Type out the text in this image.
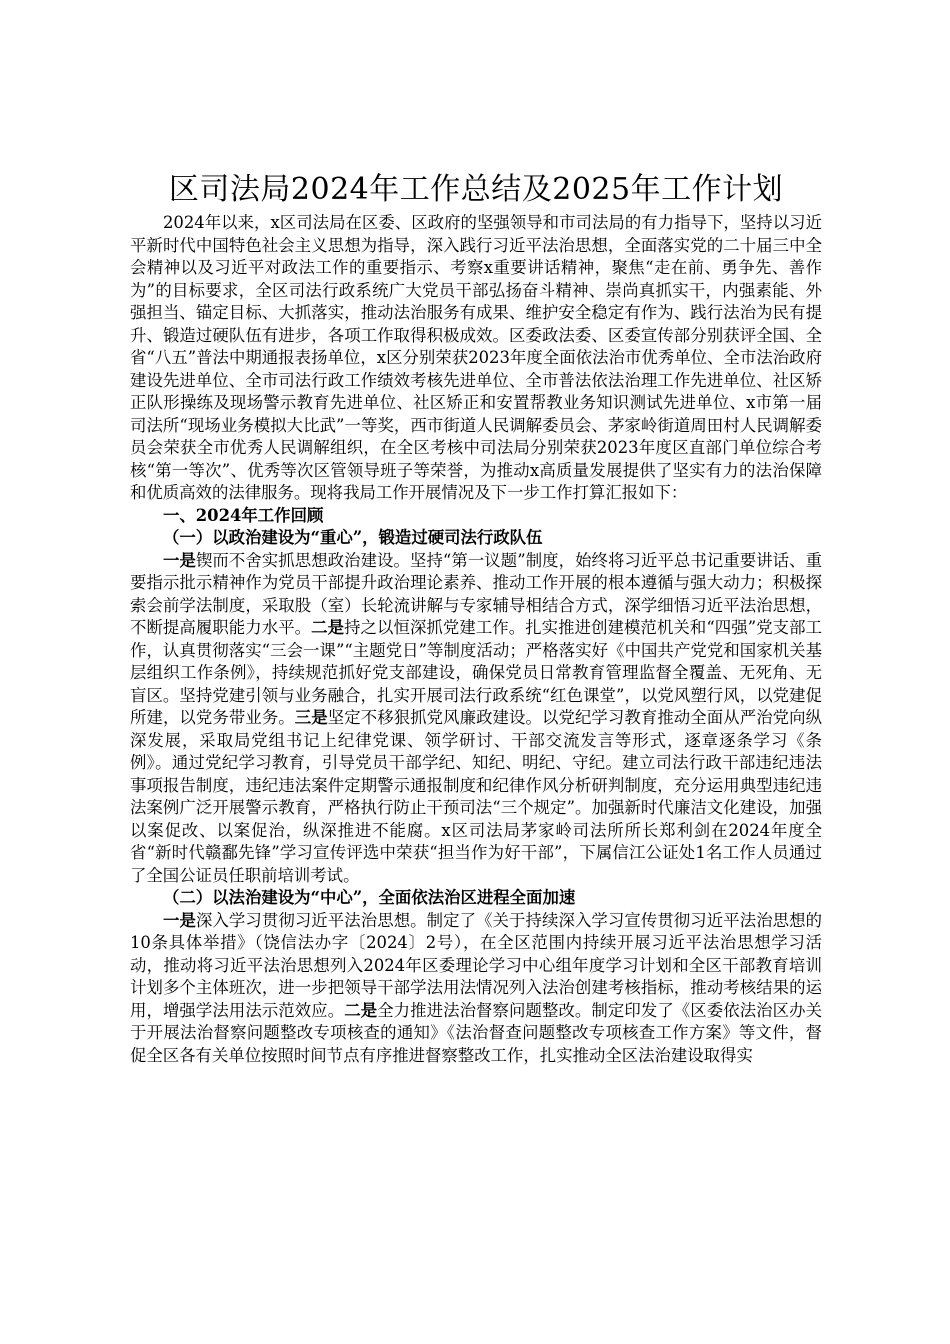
区司法局2024年工作总结及2025年工作计划

2024年以来，x区司法局在区委、区政府的坚强领导和市司法局的有力指导下，坚持以习近平新时代中国特色社会主义思想为指导，深入践行习近平法治思想，全面落实党的二十届三中全会精神以及习近平对政法工作的重要指示、考察x重要讲话精神，聚焦“走在前、勇争先、善作为”的目标要求，全区司法行政系统广大党员干部弘扬奋斗精神、崇尚真抓实干，内强素能、外强担当、锚定目标、大抓落实，推动法治服务有成果、维护安全稳定有作为、践行法治为民有提升、锻造过硬队伍有进步，各项工作取得积极成效。区委政法委、区委宣传部分别获评全国、全省“八五”普法中期通报表扬单位，x区分别荣获2023年度全面依法治市优秀单位、全市法治政府建设先进单位、全市司法行政工作绩效考核先进单位、全市普法依法治理工作先进单位、社区矫正队形操练及现场警示教育先进单位、社区矫正和安置帮教业务知识测试先进单位、x市第一届司法所“现场业务模拟大比武”一等奖，西市街道人民调解委员会、茅家岭街道周田村人民调解委员会荣获全市优秀人民调解组织，在全区考核中司法局分别荣获2023年度区直部门单位综合考核“第一等次”、优秀等次区管领导班子等荣誉，为推动x高质量发展提供了坚实有力的法治保障和优质高效的法律服务。现将我局工作开展情况及下一步工作打算汇报如下：

一、2024年工作回顾

（一）以政治建设为“重心”，锻造过硬司法行政队伍

一是锲而不舍实抓思想政治建设。坚持“第一议题”制度，始终将习近平总书记重要讲话、重要指示批示精神作为党员干部提升政治理论素养、推动工作开展的根本遵循与强大动力；积极探索会前学法制度，采取股（室）长轮流讲解与专家辅导相结合方式，深学细悟习近平法治思想，不断提高履职能力水平。二是持之以恒深抓党建工作。扎实推进创建模范机关和“四强”党支部工作，认真贯彻落实“三会一课”“主题党日”等制度活动；严格落实好《中国共产党党和国家机关基层组织工作条例》，持续规范抓好党支部建设，确保党员日常教育管理监督全覆盖、无死角、无盲区。坚持党建引领与业务融合，扎实开展司法行政系统“红色课堂”，以党风塑行风，以党建促所建，以党务带业务。三是坚定不移狠抓党风廉政建设。以党纪学习教育推动全面从严治党向纵深发展，采取局党组书记上纪律党课、领学研讨、干部交流发言等形式，逐章逐条学习《条例》。通过党纪学习教育，引导党员干部学纪、知纪、明纪、守纪。建立司法行政干部违纪违法事项报告制度，违纪违法案件定期警示通报制度和纪律作风分析研判制度，充分运用典型违纪违法案例广泛开展警示教育，严格执行防止干预司法“三个规定”。加强新时代廉洁文化建设，加强以案促改、以案促治，纵深推进不能腐。x区司法局茅家岭司法所所长郑利剑在2024年度全省“新时代赣鄱先锋”学习宣传评选中荣获“担当作为好干部”，下属信江公证处1名工作人员通过了全国公证员任职前培训考试。

（二）以法治建设为“中心”，全面依法治区进程全面加速

一是深入学习贯彻习近平法治思想。制定了《关于持续深入学习宣传贯彻习近平法治思想的10条具体举措》（饶信法办字〔2024〕2号），在全区范围内持续开展习近平法治思想学习活动，推动将习近平法治思想列入2024年区委理论学习中心组年度学习计划和全区干部教育培训计划多个主体班次，进一步把领导干部学法用法情况列入法治创建考核指标，推动考核结果的运用，增强学法用法示范效应。二是全力推进法治督察问题整改。制定印发了《区委依法治区办关于开展法治督察问题整改专项核查的通知》《法治督查问题整改专项核查工作方案》等文件，督促全区各有关单位按照时间节点有序推进督察整改工作，扎实推动全区法治建设取得实
